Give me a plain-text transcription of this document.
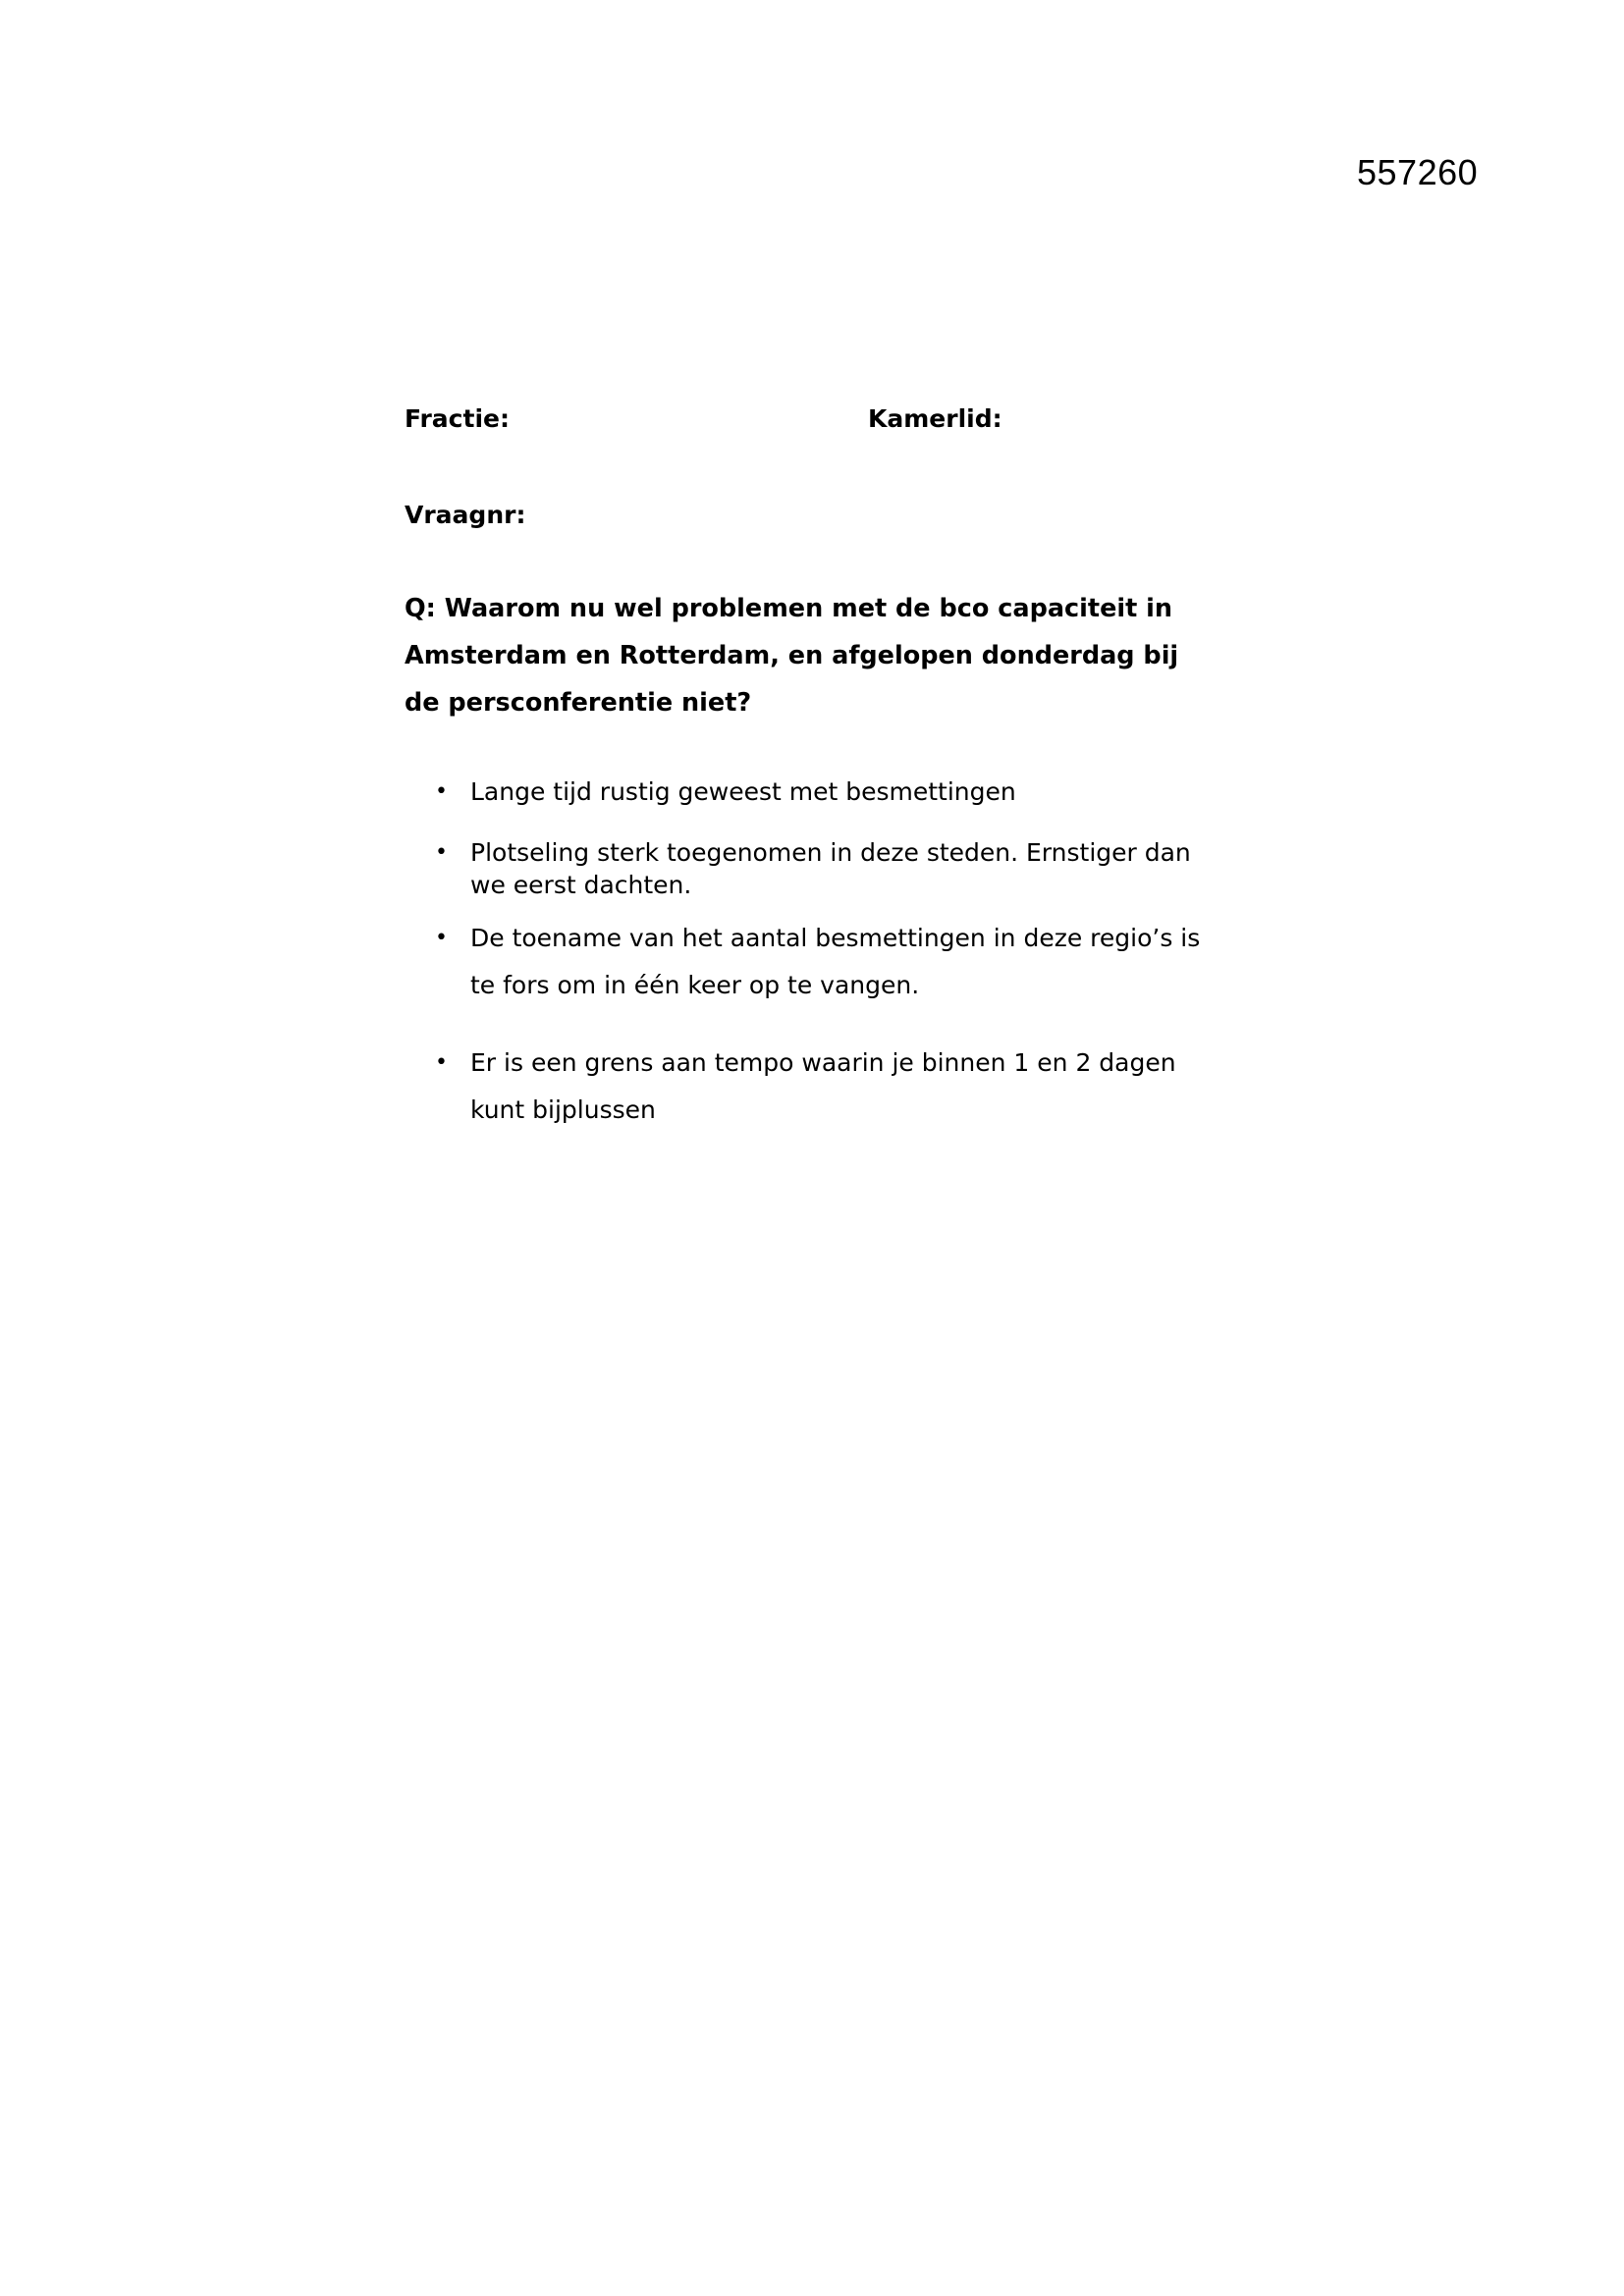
557260
Fractie:	Kamerlid:
Vraagnr:
Q: Waarom nu wel problemen met de bco capaciteit in
Amsterdam en Rotterdam, en afgelopen donderdag bij
de persconferentie niet?
• Lange tijd rustig geweest met besmettingen
• Plotseling sterk toegenomen in deze steden. Ernstiger dan
we eerst dachten.
• De toename van het aantal besmettingen in deze regio’s is
te fors om in één keer op te vangen.
• Er is een grens aan tempo waarin je binnen 1 en 2 dagen
kunt bijplussen
